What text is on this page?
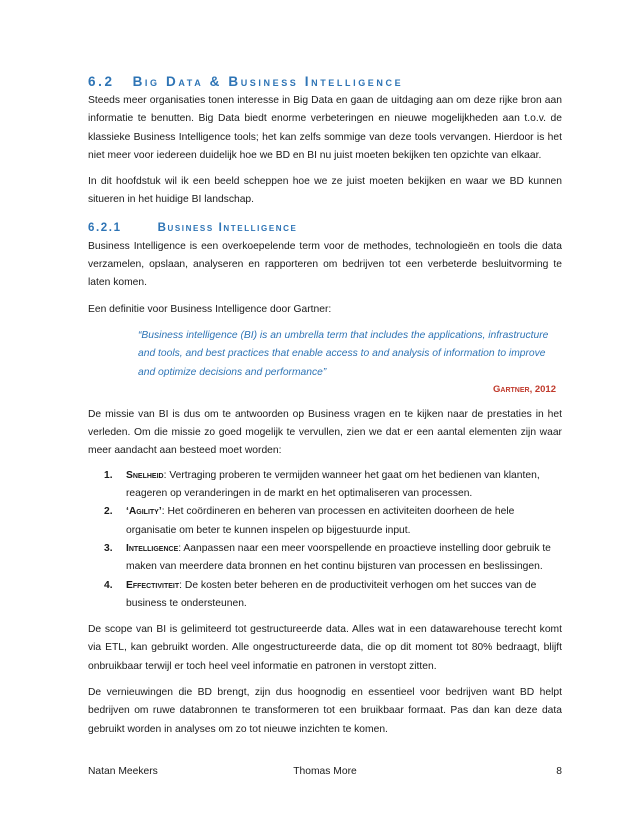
6.2 Big Data & Business Intelligence

Steeds meer organisaties tonen interesse in Big Data en gaan de uitdaging aan om deze rijke bron aan informatie te benutten. Big Data biedt enorme verbeteringen en nieuwe mogelijkheden aan t.o.v. de klassieke Business Intelligence tools; het kan zelfs sommige van deze tools vervangen. Hierdoor is het niet meer voor iedereen duidelijk hoe we BD en BI nu juist moeten bekijken ten opzichte van elkaar.

In dit hoofdstuk wil ik een beeld scheppen hoe we ze juist moeten bekijken en waar we BD kunnen situeren in het huidige BI landschap.

6.2.1	Business Intelligence

Business Intelligence is een overkoepelende term voor de methodes, technologieën en tools die data verzamelen, opslaan, analyseren en rapporteren om bedrijven tot een verbeterde besluitvorming te laten komen.

Een definitie voor Business Intelligence door Gartner:

“Business intelligence (BI) is an umbrella term that includes the applications, infrastructure and tools, and best practices that enable access to and analysis of information to improve and optimize decisions and performance”
Gartner, 2012

De missie van BI is dus om te antwoorden op Business vragen en te kijken naar de prestaties in het verleden. Om die missie zo goed mogelijk te vervullen, zien we dat er een aantal elementen zijn waar meer aandacht aan besteed moet worden:

1. Snelheid: Vertraging proberen te vermijden wanneer het gaat om het bedienen van klanten, reageren op veranderingen in de markt en het optimaliseren van processen.
2. ‘Agility’: Het coördineren en beheren van processen en activiteiten doorheen de hele organisatie om beter te kunnen inspelen op bijgestuurde input.
3. Intelligence: Aanpassen naar een meer voorspellende en proactieve instelling door gebruik te maken van meerdere data bronnen en het continu bijsturen van processen en beslissingen.
4. Effectiviteit: De kosten beter beheren en de productiviteit verhogen om het succes van de business te ondersteunen.

De scope van BI is gelimiteerd tot gestructureerde data. Alles wat in een datawarehouse terecht komt via ETL, kan gebruikt worden. Alle ongestructureerde data, die op dit moment tot 80% bedraagt, blijft onbruikbaar terwijl er toch heel veel informatie en patronen in verstopt zitten.

De vernieuwingen die BD brengt, zijn dus hoognodig en essentieel voor bedrijven want BD helpt bedrijven om ruwe databronnen te transformeren tot een bruikbaar formaat. Pas dan kan deze data gebruikt worden in analyses om zo tot nieuwe inzichten te komen.

Natan Meekers	Thomas More	8
